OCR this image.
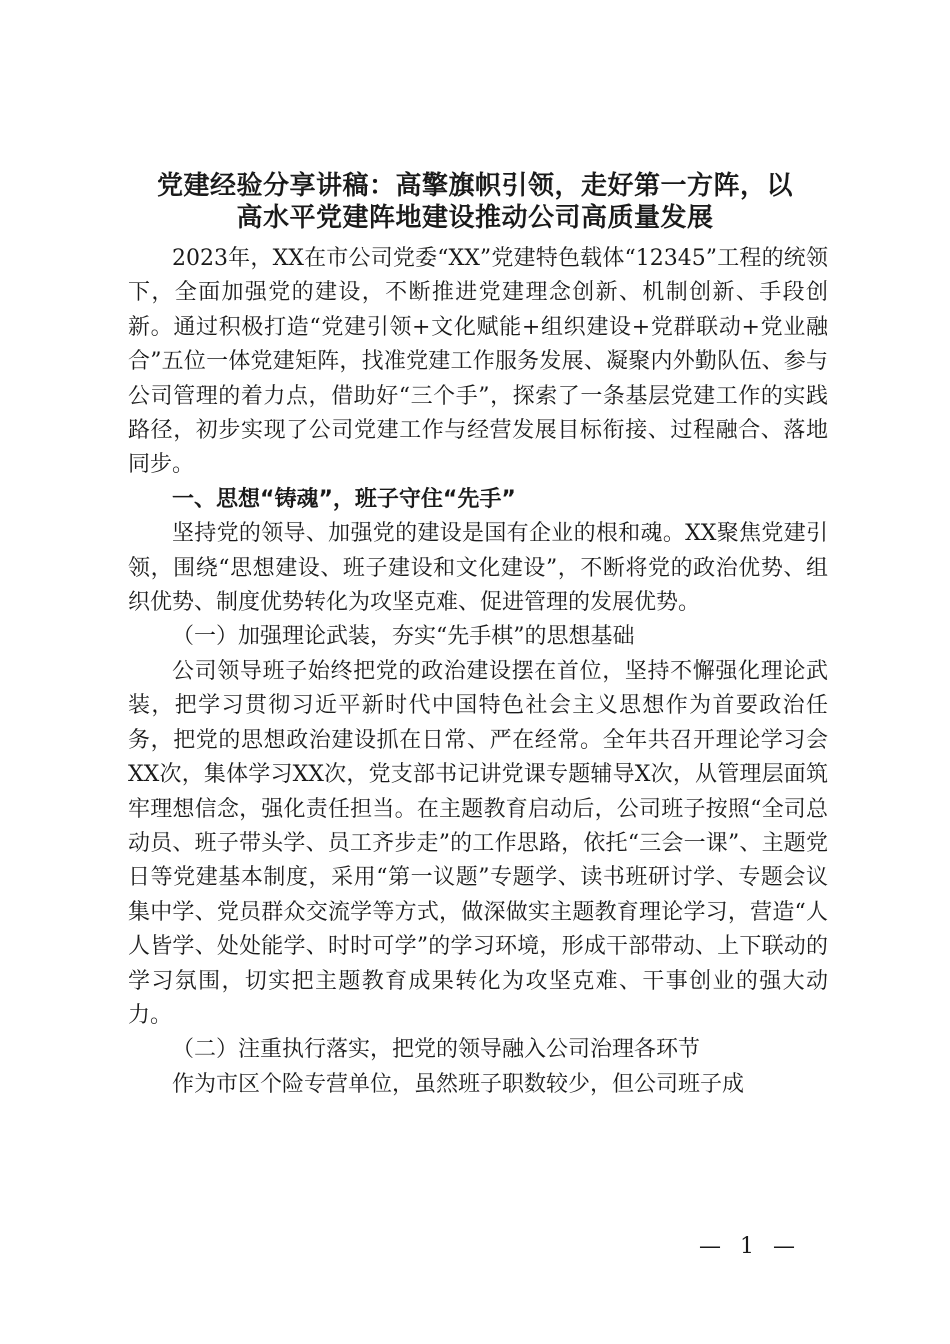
党建经验分享讲稿：高擎旗帜引领，走好第一方阵，以
高水平党建阵地建设推动公司高质量发展

2023年，XX在市公司党委“XX”党建特色载体“12345”工程的统领下，全面加强党的建设，不断推进党建理念创新、机制创新、手段创新。通过积极打造“党建引领+文化赋能+组织建设+党群联动+党业融合”五位一体党建矩阵，找准党建工作服务发展、凝聚内外勤队伍、参与公司管理的着力点，借助好“三个手”，探索了一条基层党建工作的实践路径，初步实现了公司党建工作与经营发展目标衔接、过程融合、落地同步。

一、思想“铸魂”，班子守住“先手”

坚持党的领导、加强党的建设是国有企业的根和魂。XX聚焦党建引领，围绕“思想建设、班子建设和文化建设”，不断将党的政治优势、组织优势、制度优势转化为攻坚克难、促进管理的发展优势。

（一）加强理论武装，夯实“先手棋”的思想基础

公司领导班子始终把党的政治建设摆在首位，坚持不懈强化理论武装，把学习贯彻习近平新时代中国特色社会主义思想作为首要政治任务，把党的思想政治建设抓在日常、严在经常。全年共召开理论学习会XX次，集体学习XX次，党支部书记讲党课专题辅导X次，从管理层面筑牢理想信念，强化责任担当。在主题教育启动后，公司班子按照“全司总动员、班子带头学、员工齐步走”的工作思路，依托“三会一课”、主题党日等党建基本制度，采用“第一议题”专题学、读书班研讨学、专题会议集中学、党员群众交流学等方式，做深做实主题教育理论学习，营造“人人皆学、处处能学、时时可学”的学习环境，形成干部带动、上下联动的学习氛围，切实把主题教育成果转化为攻坚克难、干事创业的强大动力。

（二）注重执行落实，把党的领导融入公司治理各环节

作为市区个险专营单位，虽然班子职数较少，但公司班子成

— 1 —
